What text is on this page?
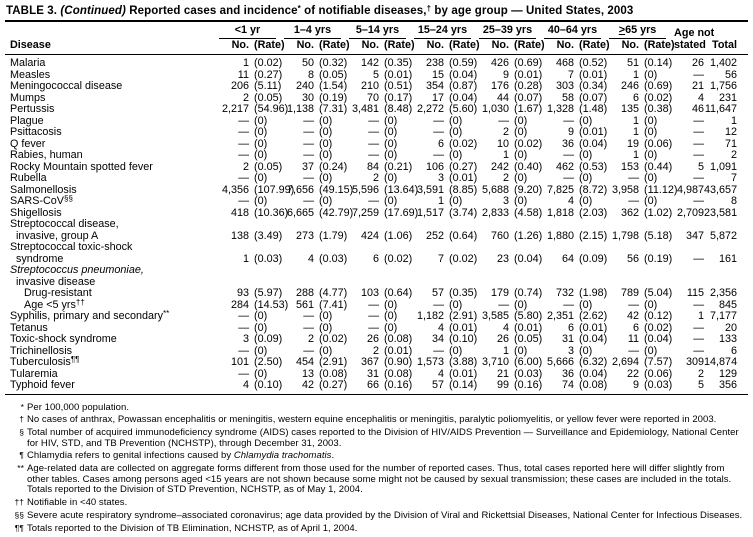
TABLE 3. (Continued) Reported cases and incidence* of notifiable diseases,† by age group — United States, 2003
Disease	<1 yr		1–4 yrs		5–14 yrs		15–24 yrs		25–39 yrs		40–64 yrs		≥65 yrs		Age not
stated	Total
	No.	(Rate)	No.	(Rate)	No.	(Rate)	No.	(Rate)	No.	(Rate)	No.	(Rate)	No.	(Rate)		

Malaria	1	(0.02)	50	(0.32)	142	(0.35)	238	(0.59)	426	(0.69)	468	(0.52)	51	(0.14)	26	1,402

Measles	11	(0.27)	8	(0.05)	5	(0.01)	15	(0.04)	9	(0.01)	7	(0.01)	1	(0)	—	56

Meningococcal disease	206	(5.11)	240	(1.54)	210	(0.51)	354	(0.87)	176	(0.28)	303	(0.34)	246	(0.69)	21	1,756

Mumps	2	(0.05)	30	(0.19)	70	(0.17)	17	(0.04)	44	(0.07)	58	(0.07)	6	(0.02)	4	231

Pertussis	2,217	(54.96)	1,138	(7.31)	3,481	(8.48)	2,272	(5.60)	1,030	(1.67)	1,328	(1.48)	135	(0.38)	46	11,647

Plague	—	(0)	—	(0)	—	(0)	—	(0)	—	(0)	—	(0)	1	(0)	—	1

Psittacosis	—	(0)	—	(0)	—	(0)	—	(0)	2	(0)	9	(0.01)	1	(0)	—	12

Q fever	—	(0)	—	(0)	—	(0)	6	(0.02)	10	(0.02)	36	(0.04)	19	(0.06)	—	71

Rabies, human	—	(0)	—	(0)	—	(0)	—	(0)	1	(0)	—	(0)	1	(0)	—	2

Rocky Mountain spotted fever	2	(0.05)	37	(0.24)	84	(0.21)	106	(0.27)	242	(0.40)	462	(0.53)	153	(0.44)	5	1,091

Rubella	—	(0)	—	(0)	2	(0)	3	(0.01)	2	(0)	—	(0)	—	(0)	—	7

Salmonellosis	4,356	(107.99)	7,656	(49.15)	5,596	(13.64)	3,591	(8.85)	5,688	(9.20)	7,825	(8.72)	3,958	(11.12)	4,987	43,657

SARS-CoV§§	—	(0)	—	(0)	—	(0)	1	(0)	3	(0)	4	(0)	—	(0)	—	8

Shigellosis	418	(10.36)	6,665	(42.79)	7,259	(17.69)	1,517	(3.74)	2,833	(4.58)	1,818	(2.03)	362	(1.02)	2,709	23,581

Streptococcal disease,
invasive, group A	138	(3.49)	273	(1.79)	424	(1.06)	252	(0.64)	760	(1.26)	1,880	(2.15)	1,798	(5.18)	347	5,872

Streptococcal toxic-shock
syndrome	1	(0.03)	4	(0.03)	6	(0.02)	7	(0.02)	23	(0.04)	64	(0.09)	56	(0.19)	—	161

Streptococcus pneumoniae,
invasive disease																

Drug-resistant	93	(5.97)	288	(4.77)	103	(0.64)	57	(0.35)	179	(0.74)	732	(1.98)	789	(5.04)	115	2,356

Age <5 yrs††	284	(14.53)	561	(7.41)	—	(0)	—	(0)	—	(0)	—	(0)	—	(0)	—	845

Syphilis, primary and secondary**	—	(0)	—	(0)	—	(0)	1,182	(2.91)	3,585	(5.80)	2,351	(2.62)	42	(0.12)	1	7,177

Tetanus	—	(0)	—	(0)	—	(0)	4	(0.01)	4	(0.01)	6	(0.01)	6	(0.02)	—	20

Toxic-shock syndrome	3	(0.09)	2	(0.02)	26	(0.08)	34	(0.10)	26	(0.05)	31	(0.04)	11	(0.04)	—	133

Trichinellosis	—	(0)	—	(0)	2	(0.01)	—	(0)	1	(0)	3	(0)	—	(0)	—	6

Tuberculosis¶¶	101	(2.50)	454	(2.91)	367	(0.90)	1,573	(3.88)	3,710	(6.00)	5,666	(6.32)	2,694	(7.57)	309	14,874

Tularemia	—	(0)	13	(0.08)	31	(0.08)	4	(0.01)	21	(0.03)	36	(0.04)	22	(0.06)	2	129

Typhoid fever	4	(0.10)	42	(0.27)	66	(0.16)	57	(0.14)	99	(0.16)	74	(0.08)	9	(0.03)	5	356
* Per 100,000 population.
† No cases of anthrax, Powassan encephalitis or meningitis, western equine encephalitis or meningitis, paralytic poliomyelitis, or yellow fever were reported in 2003.
§ Total number of acquired immunodeficiency syndrome (AIDS) cases reported to the Division of HIV/AIDS Prevention — Surveillance and Epidemiology, National Center for HIV, STD, and TB Prevention (NCHSTP), through December 31, 2003.
¶ Chlamydia refers to genital infections caused by Chlamydia trachomatis.
** Age-related data are collected on aggregate forms different from those used for the number of reported cases. Thus, total cases reported here will differ slightly from other tables. Cases among persons aged <15 years are not shown because some might not be caused by sexual transmission; these cases are included in the totals. Totals reported to the Division of STD Prevention, NCHSTP, as of May 1, 2004.
†† Notifiable in <40 states.
§§ Severe acute respiratory syndrome–associated coronavirus; age data provided by the Division of Viral and Rickettsial Diseases, National Center for Infectious Diseases.
¶¶ Totals reported to the Division of TB Elimination, NCHSTP, as of April 1, 2004.
